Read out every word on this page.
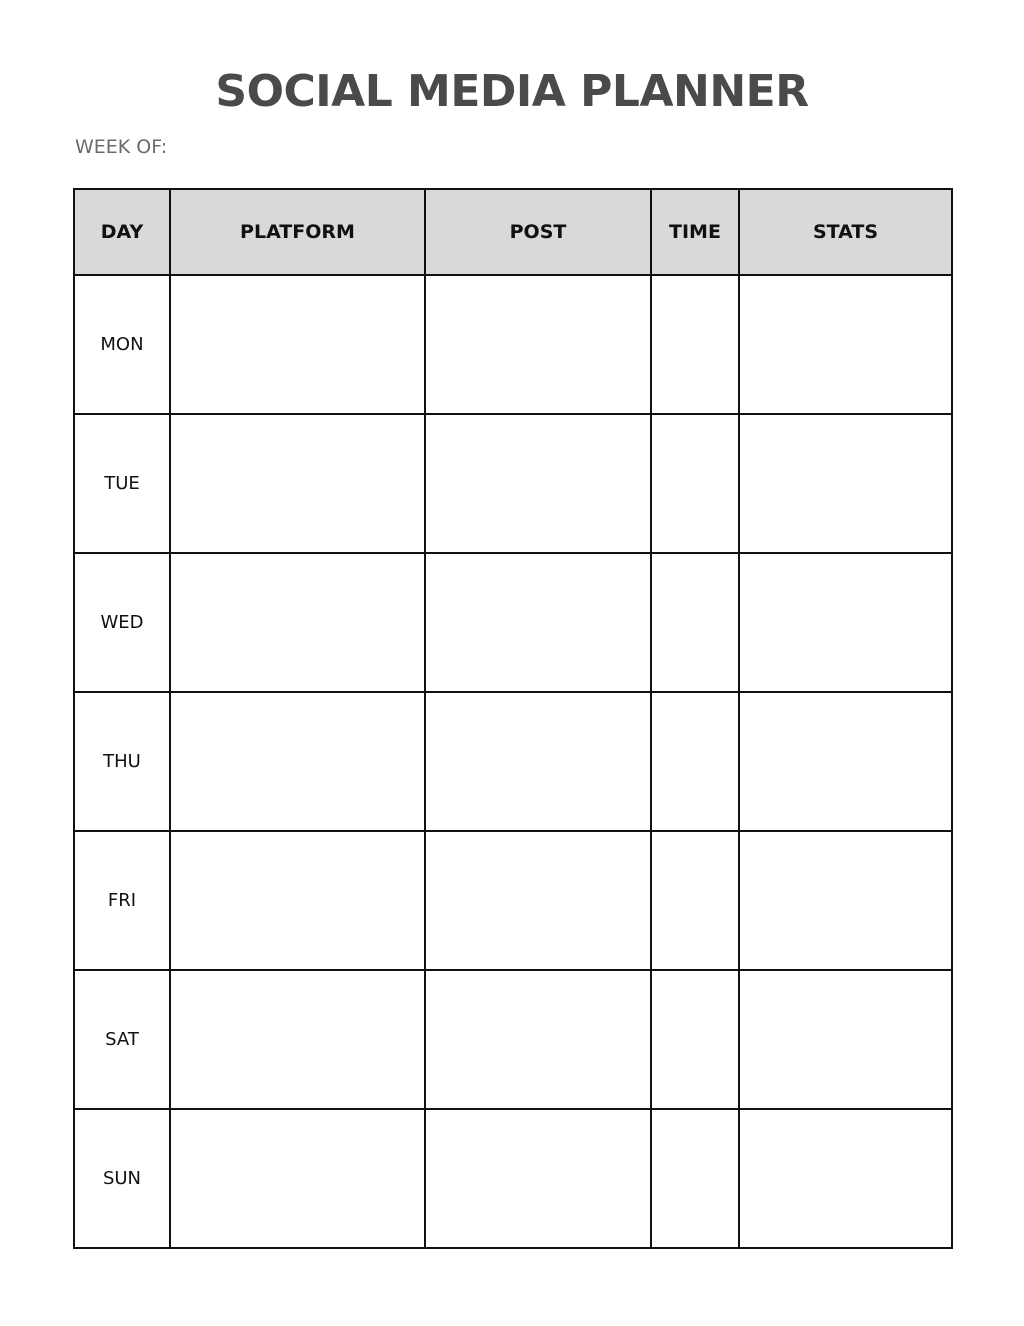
SOCIAL MEDIA PLANNER
WEEK OF:
DAY	PLATFORM	POST	TIME	STATS
MON				
TUE				
WED				
THU				
FRI				
SAT				
SUN				
